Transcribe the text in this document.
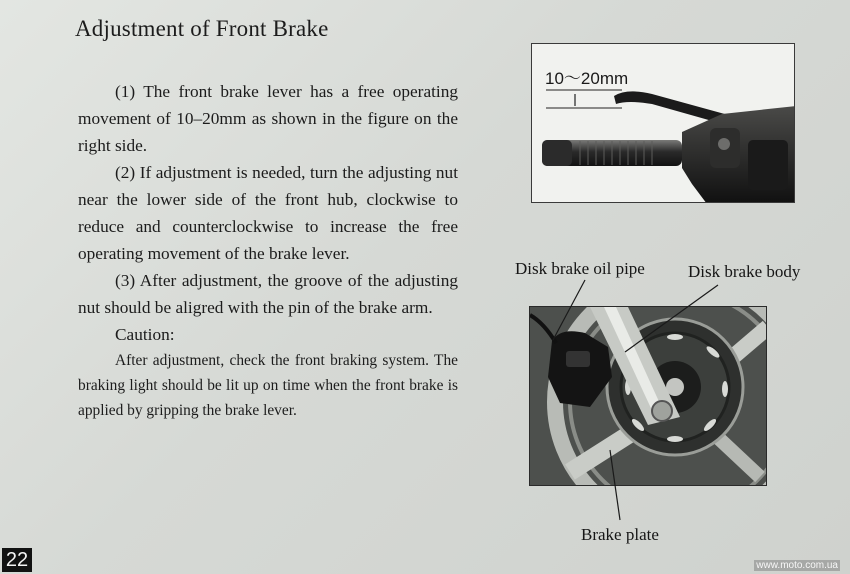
Adjustment of Front Brake

(1) The front brake lever has a free operating movement of 10–20mm as shown in the figure on the right side.

(2) If adjustment is needed, turn the adjusting nut near the lower side of the front hub, clockwise to reduce and counterclockwise to increase the free operating movement of the brake lever.

(3) After adjustment, the groove of the adjusting nut should be aligred with the pin of the brake arm.

Caution:

After adjustment, check the front braking system. The braking light should be lit up on time when the front brake is applied by gripping the brake lever.

10～20mm
Disk brake oil pipe	Disk brake body
Brake plate
22	www.moto.com.ua
